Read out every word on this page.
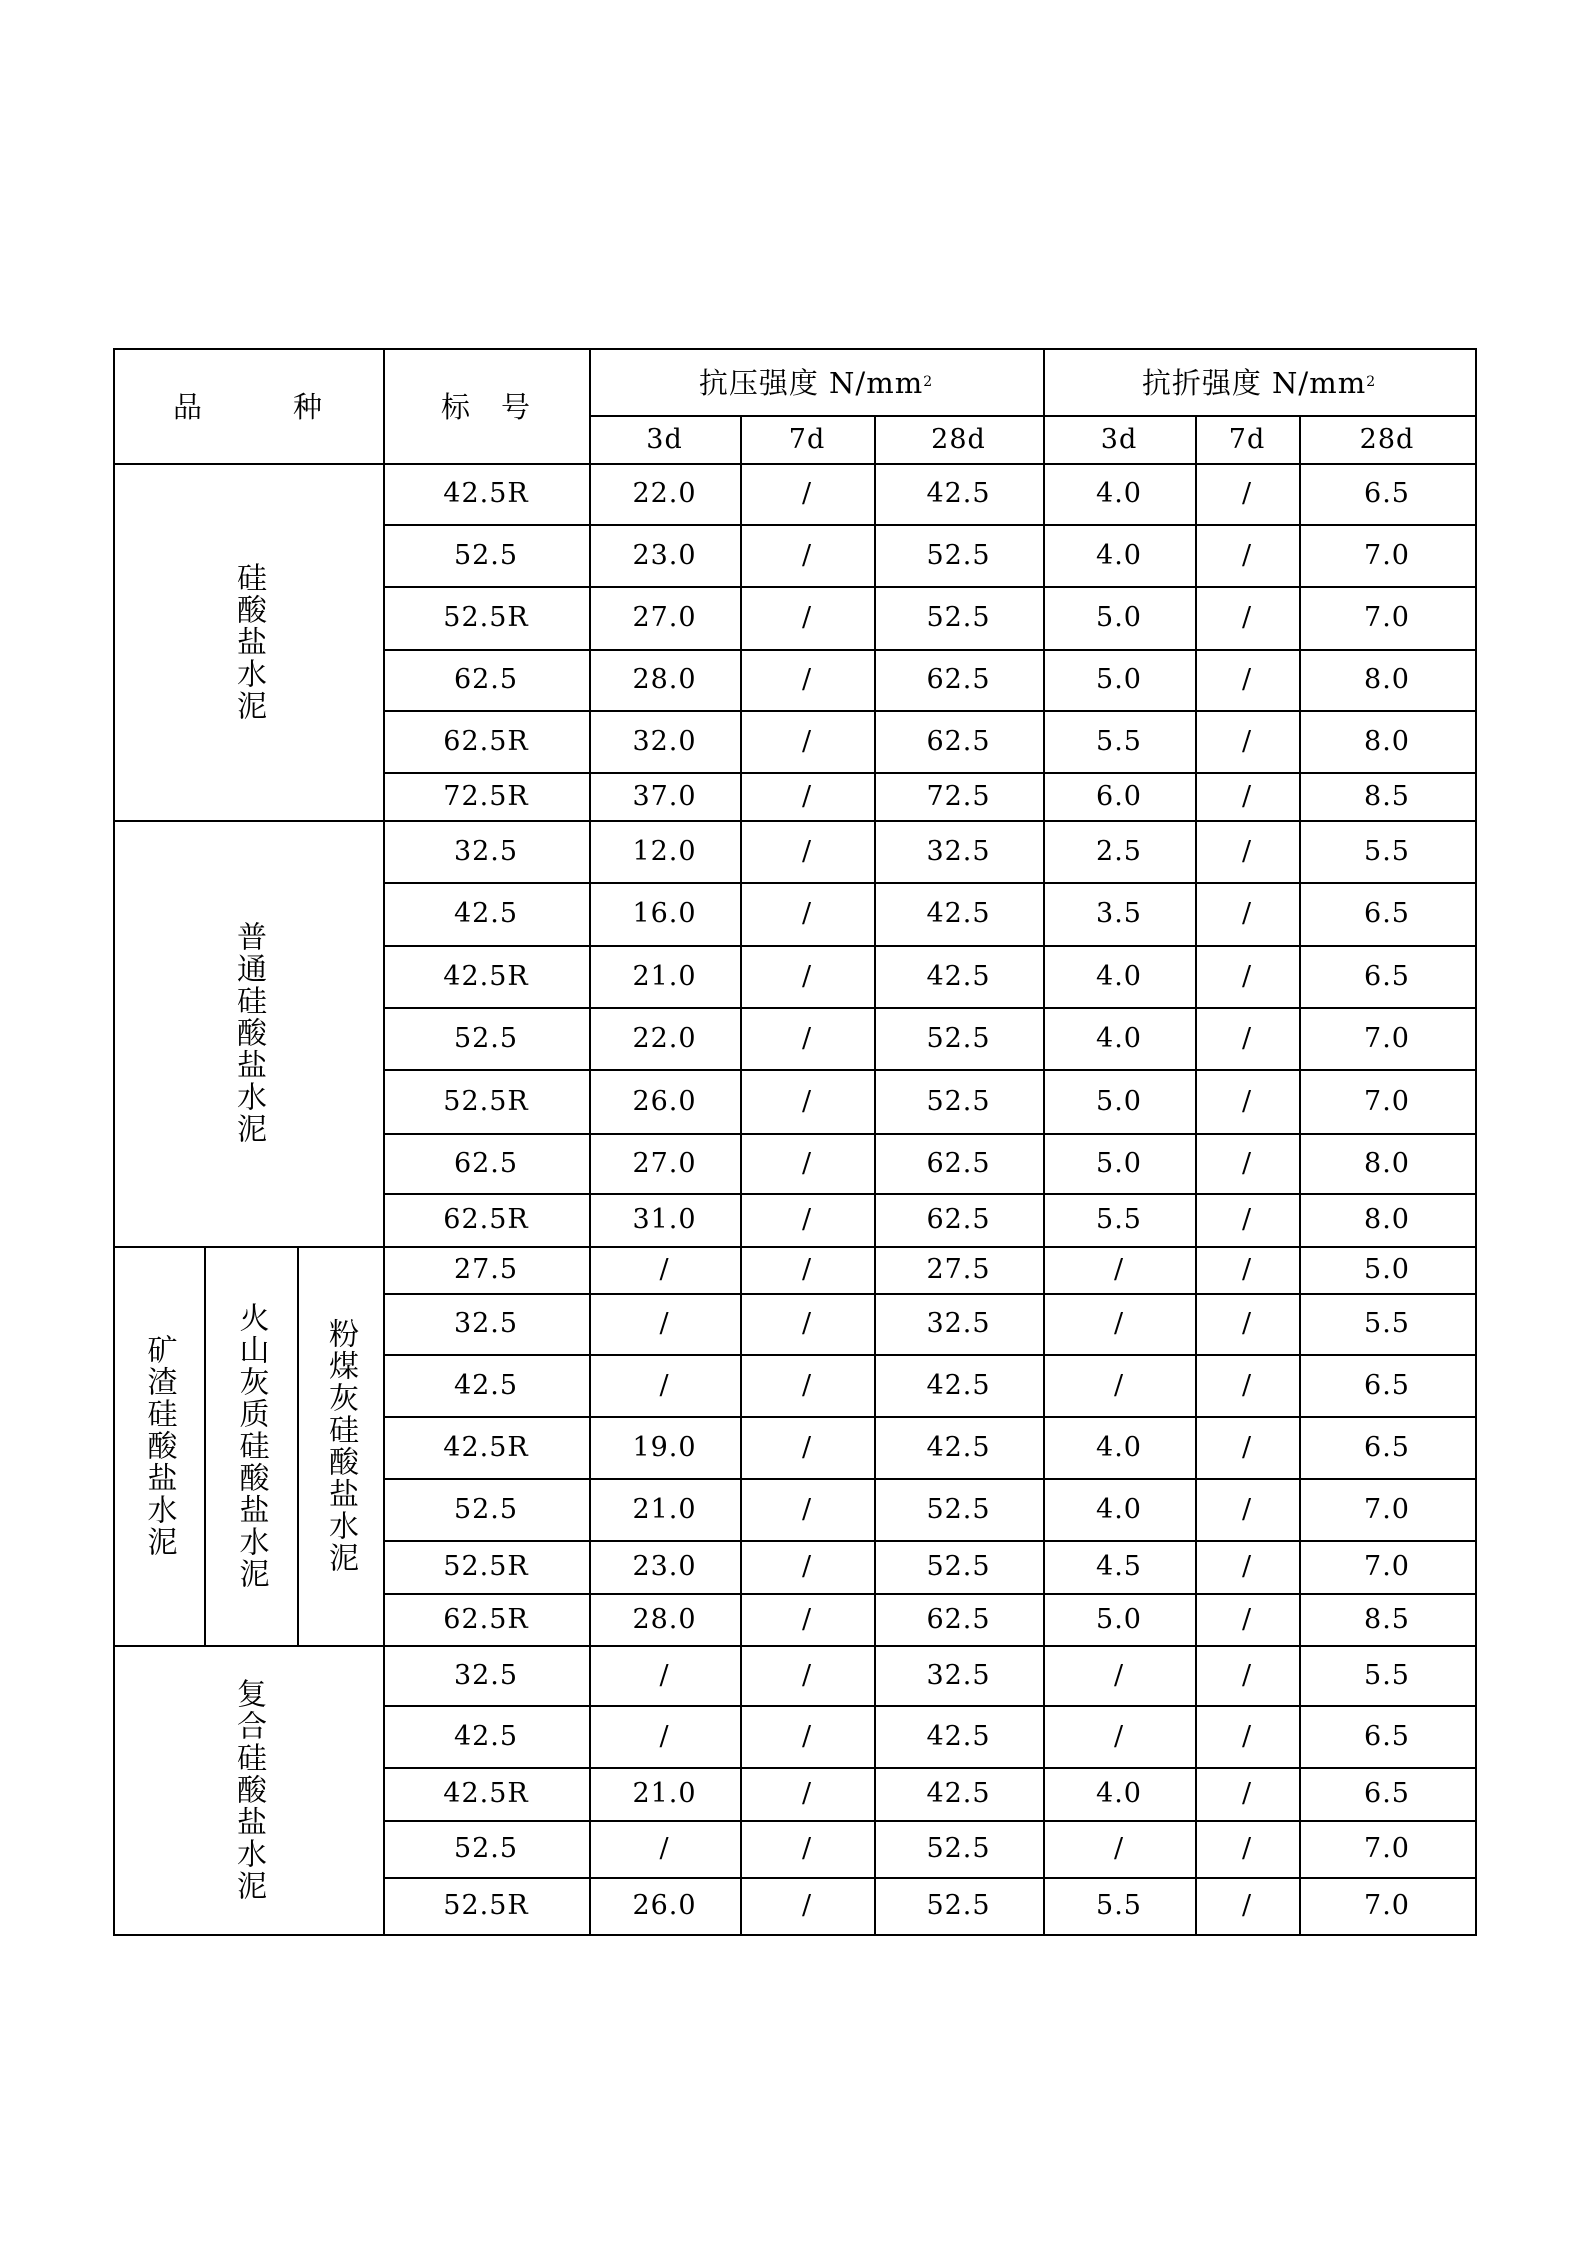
品　　　种	标　号
抗压强度 N/mm 2	抗折强度 N/mm 2
3d	7d	28d	3d	7d	28d
硅酸盐水泥
42.5R	22.0	/	42.5	4.0	/	6.5
52.5	23.0	/	52.5	4.0	/	7.0
52.5R	27.0	/	52.5	5.0	/	7.0
62.5	28.0	/	62.5	5.0	/	8.0
62.5R	32.0	/	62.5	5.5	/	8.0
72.5R	37.0	/	72.5	6.0	/	8.5
普通硅酸盐水泥
32.5	12.0	/	32.5	2.5	/	5.5
42.5	16.0	/	42.5	3.5	/	6.5
42.5R	21.0	/	42.5	4.0	/	6.5
52.5	22.0	/	52.5	4.0	/	7.0
52.5R	26.0	/	52.5	5.0	/	7.0
62.5	27.0	/	62.5	5.0	/	8.0
62.5R	31.0	/	62.5	5.5	/	8.0
矿渣硅酸盐水泥 火山灰质硅酸盐水泥 粉煤灰硅酸盐水泥
27.5	/	/	27.5	/	/	5.0
32.5	/	/	32.5	/	/	5.5
42.5	/	/	42.5	/	/	6.5
42.5R	19.0	/	42.5	4.0	/	6.5
52.5	21.0	/	52.5	4.0	/	7.0
52.5R	23.0	/	52.5	4.5	/	7.0
62.5R	28.0	/	62.5	5.0	/	8.5
复合硅酸盐水泥
32.5	/	/	32.5	/	/	5.5
42.5	/	/	42.5	/	/	6.5
42.5R	21.0	/	42.5	4.0	/	6.5
52.5	/	/	52.5	/	/	7.0
52.5R	26.0	/	52.5	5.5	/	7.0
